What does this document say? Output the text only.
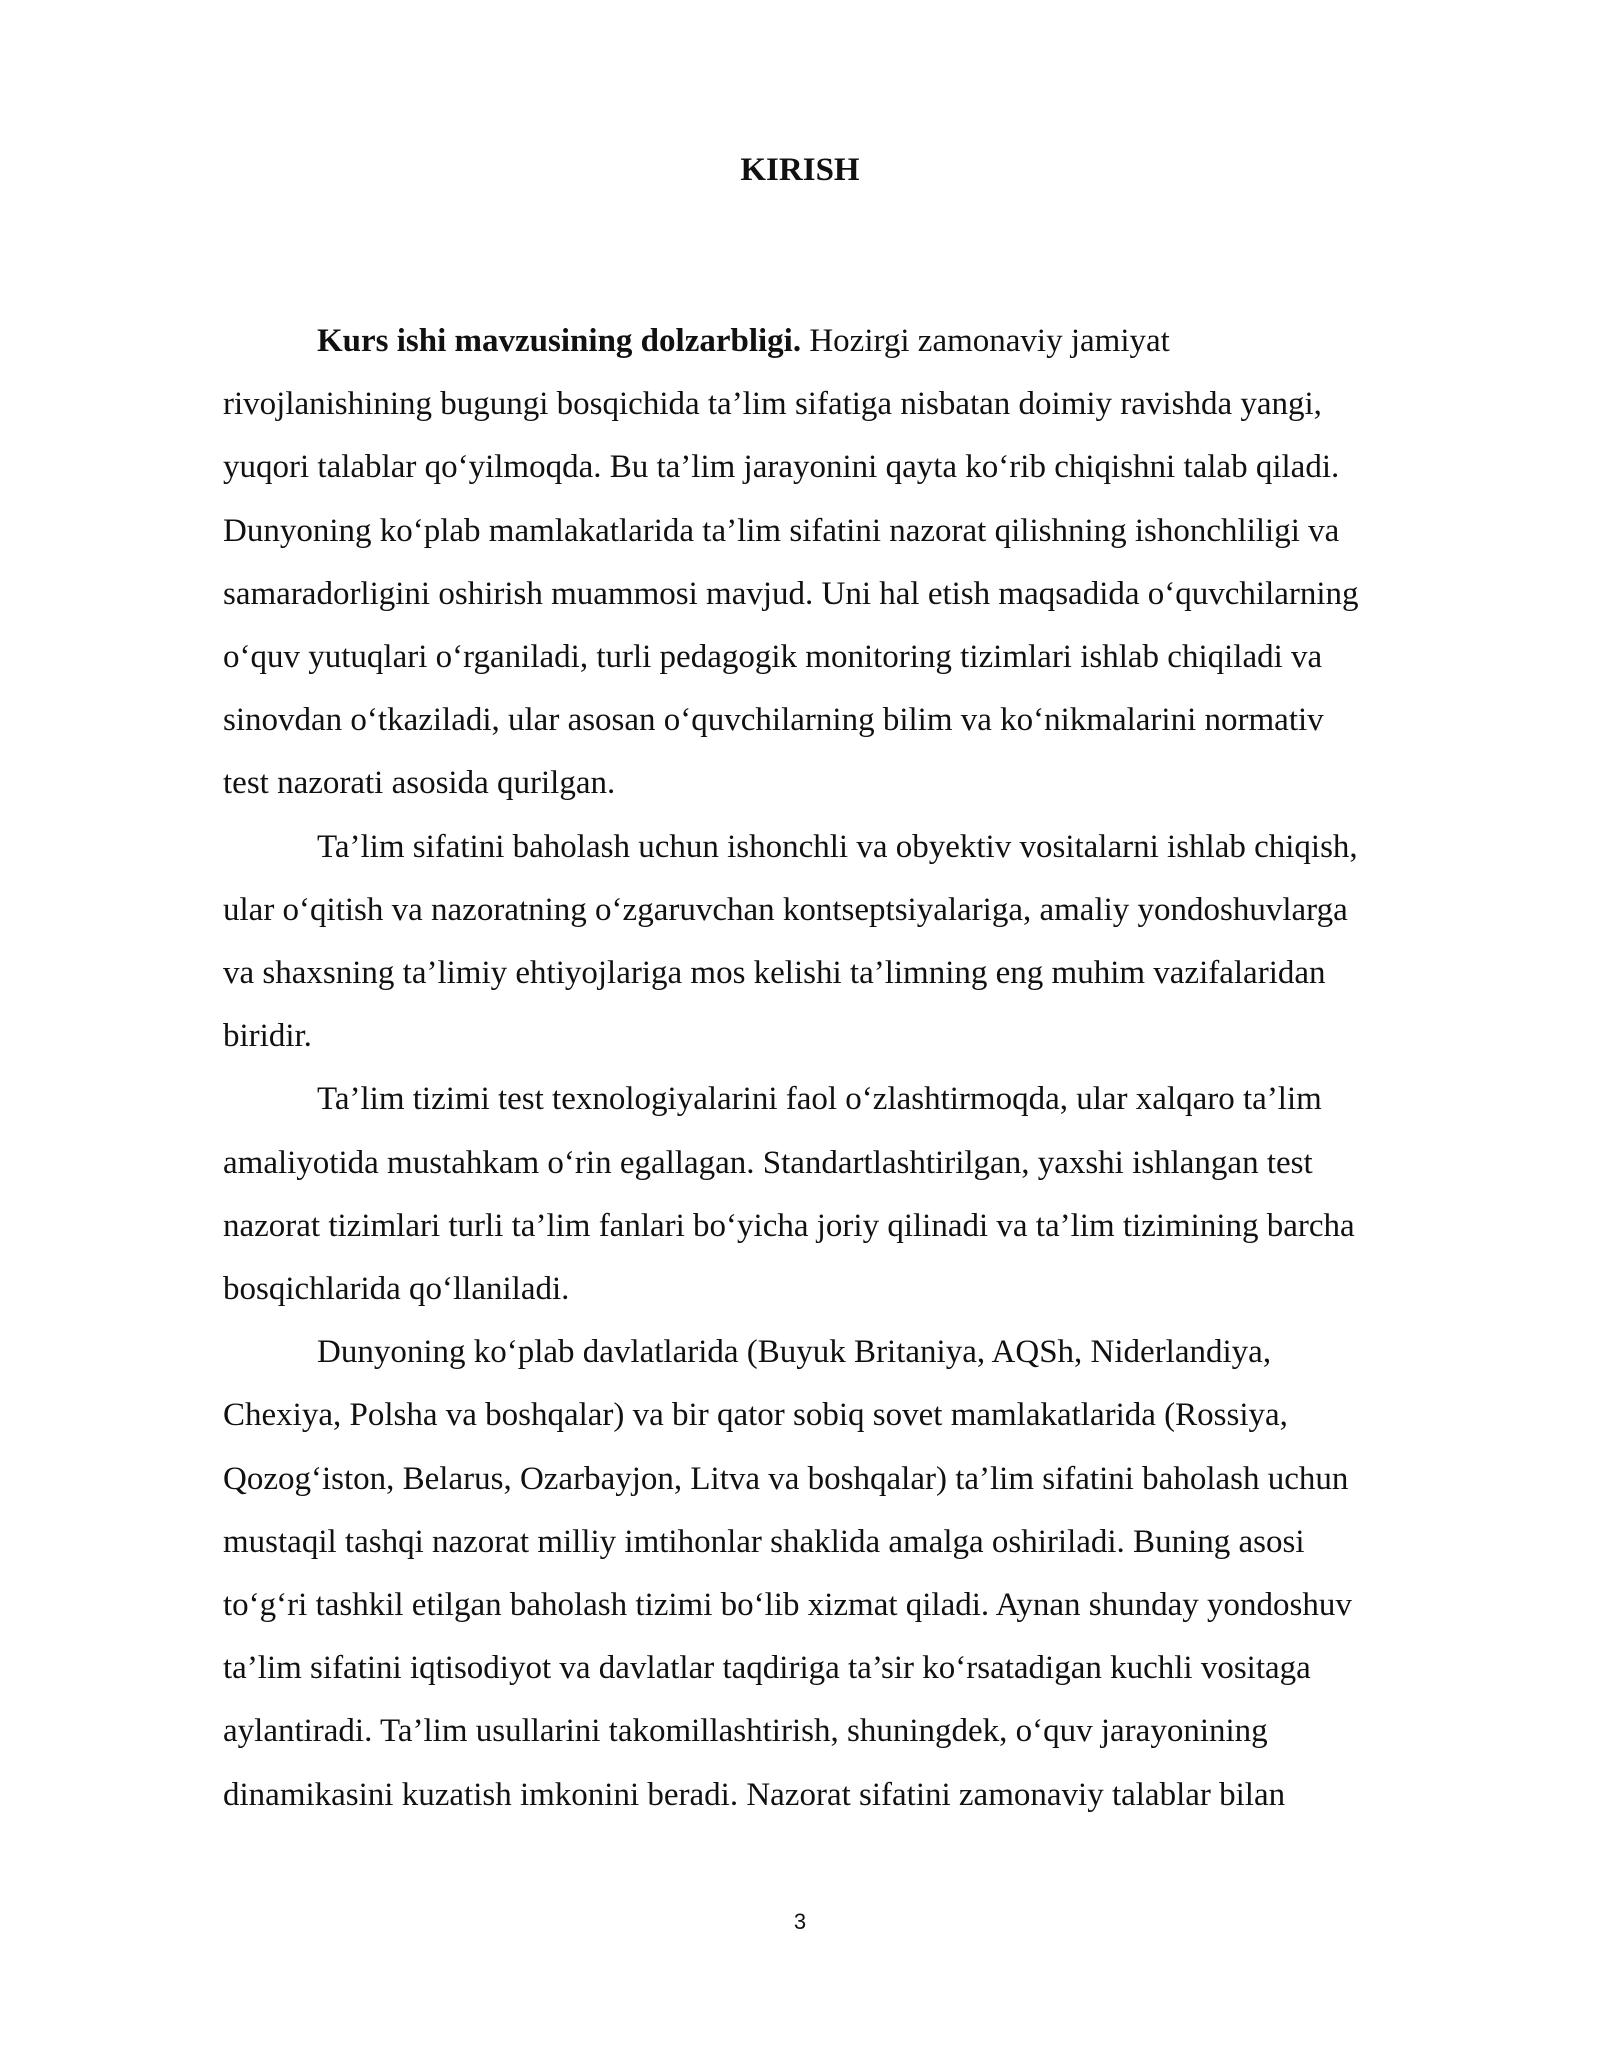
KIRISH

Kurs ishi mavzusining dolzarbligi. Hozirgi zamonaviy jamiyat
rivojlanishining bugungi bosqichida ta’lim sifatiga nisbatan doimiy ravishda yangi,
yuqori talablar qo‘yilmoqda. Bu ta’lim jarayonini qayta ko‘rib chiqishni talab qiladi.
Dunyoning ko‘plab mamlakatlarida ta’lim sifatini nazorat qilishning ishonchliligi va
samaradorligini oshirish muammosi mavjud. Uni hal etish maqsadida o‘quvchilarning
o‘quv yutuqlari o‘rganiladi, turli pedagogik monitoring tizimlari ishlab chiqiladi va
sinovdan o‘tkaziladi, ular asosan o‘quvchilarning bilim va ko‘nikmalarini normativ
test nazorati asosida qurilgan.

Ta’lim sifatini baholash uchun ishonchli va obyektiv vositalarni ishlab chiqish,
ular o‘qitish va nazoratning o‘zgaruvchan kontseptsiyalariga, amaliy yondoshuvlarga
va shaxsning ta’limiy ehtiyojlariga mos kelishi ta’limning eng muhim vazifalaridan
biridir.

Ta’lim tizimi test texnologiyalarini faol o‘zlashtirmoqda, ular xalqaro ta’lim
amaliyotida mustahkam o‘rin egallagan. Standartlashtirilgan, yaxshi ishlangan test
nazorat tizimlari turli ta’lim fanlari bo‘yicha joriy qilinadi va ta’lim tizimining barcha
bosqichlarida qo‘llaniladi.

Dunyoning ko‘plab davlatlarida (Buyuk Britaniya, AQSh, Niderlandiya,
Chexiya, Polsha va boshqalar) va bir qator sobiq sovet mamlakatlarida (Rossiya,
Qozog‘iston, Belarus, Ozarbayjon, Litva va boshqalar) ta’lim sifatini baholash uchun
mustaqil tashqi nazorat milliy imtihonlar shaklida amalga oshiriladi. Buning asosi
to‘g‘ri tashkil etilgan baholash tizimi bo‘lib xizmat qiladi. Aynan shunday yondoshuv
ta’lim sifatini iqtisodiyot va davlatlar taqdiriga ta’sir ko‘rsatadigan kuchli vositaga
aylantiradi. Ta’lim usullarini takomillashtirish, shuningdek, o‘quv jarayonining
dinamikasini kuzatish imkonini beradi. Nazorat sifatini zamonaviy talablar bilan

3
